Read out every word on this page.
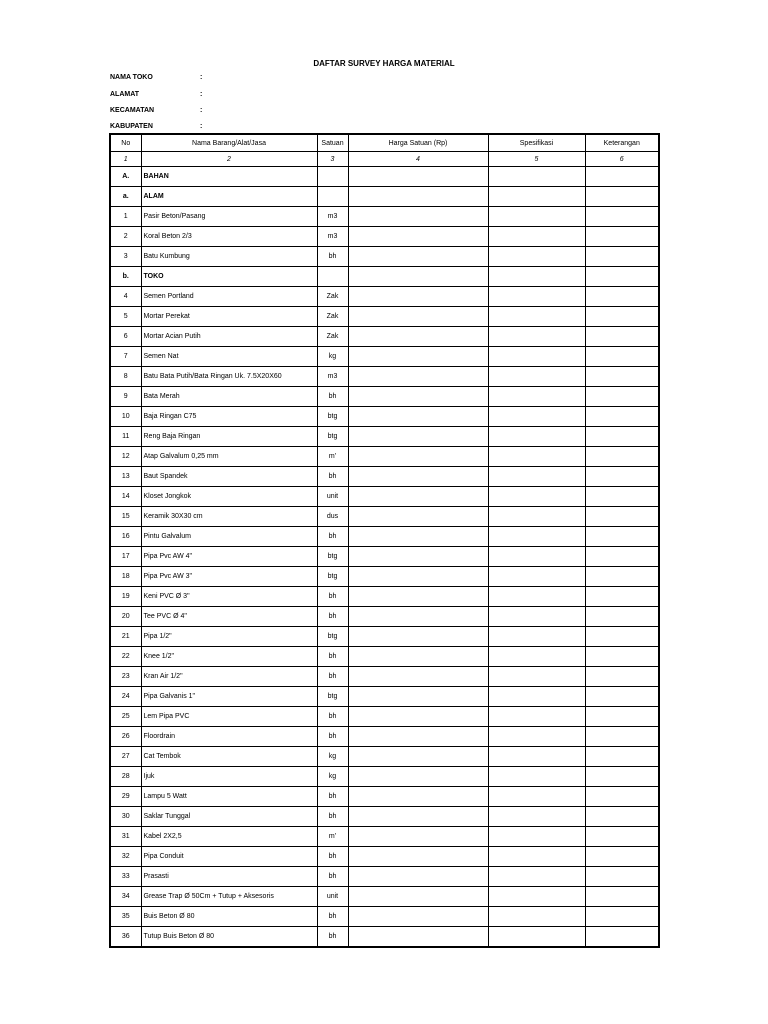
DAFTAR SURVEY HARGA MATERIAL
NAMA TOKO	:
ALAMAT	:
KECAMATAN	:
KABUPATEN	:
No	Nama Barang/Alat/Jasa	Satuan	Harga Satuan (Rp)	Spesifikasi	Keterangan
1	2	3	4	5	6
A.	BAHAN				
a.	ALAM				
1	Pasir Beton/Pasang	m3			
2	Koral Beton 2/3	m3			
3	Batu Kumbung	bh			
b.	TOKO				
4	Semen Portland	Zak			
5	Mortar Perekat	Zak			
6	Mortar Acian Putih	Zak			
7	Semen Nat	kg			
8	Batu Bata Putih/Bata Ringan Uk. 7.5X20X60	m3			
9	Bata Merah	bh			
10	Baja Ringan C75	btg			
11	Reng Baja Ringan	btg			
12	Atap Galvalum 0,25 mm	m'			
13	Baut Spandek	bh			
14	Kloset Jongkok	unit			
15	Keramik 30X30 cm	dus			
16	Pintu Galvalum	bh			
17	Pipa Pvc AW 4"	btg			
18	Pipa Pvc AW 3"	btg			
19	Keni PVC Ø 3"	bh			
20	Tee PVC Ø 4"	bh			
21	Pipa 1/2"	btg			
22	Knee 1/2"	bh			
23	Kran Air 1/2"	bh			
24	Pipa Galvanis 1"	btg			
25	Lem Pipa PVC	bh			
26	Floordrain	bh			
27	Cat Tembok	kg			
28	Ijuk	kg			
29	Lampu 5 Watt	bh			
30	Saklar Tunggal	bh			
31	Kabel 2X2,5	m'			
32	Pipa Conduit	bh			
33	Prasasti	bh			
34	Grease Trap Ø 50Cm + Tutup + Aksesoris	unit			
35	Buis Beton Ø 80	bh			
36	Tutup Buis Beton Ø 80	bh			
